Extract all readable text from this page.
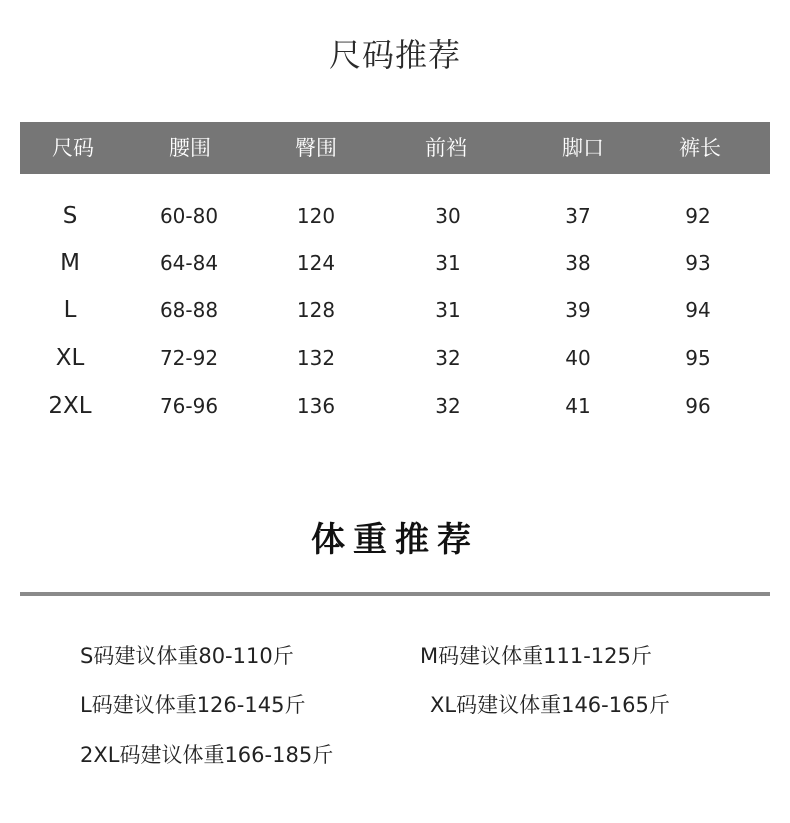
尺码推荐
尺码	腰围	臀围	前裆	脚口	裤长
S	60-80	120	30	37	92
M	64-84	124	31	38	93
L	68-88	128	31	39	94
XL	72-92	132	32	40	95
2XL	76-96	136	32	41	96
体重推荐
S码建议体重80-110斤	M码建议体重111-125斤
L码建议体重126-145斤	XL码建议体重146-165斤
2XL码建议体重166-185斤
